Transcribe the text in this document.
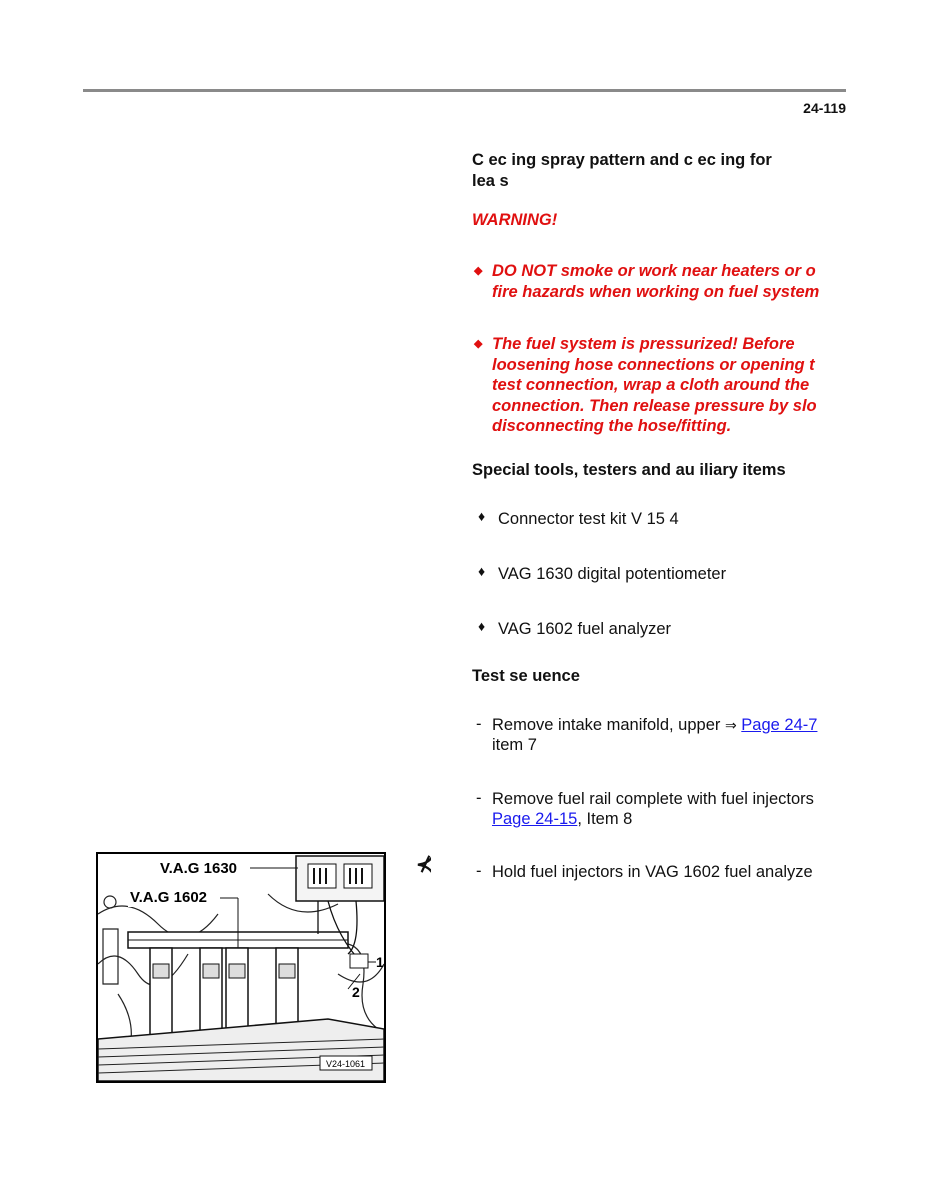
24-119
C ec ing spray pattern and c ec ing for
lea s
WARNING!
◆ DO NOT smoke or work near heaters or o
fire hazards when working on fuel system
◆ The fuel system is pressurized! Before
loosening hose connections or opening t
test connection, wrap a cloth around the
connection. Then release pressure by slo
disconnecting the hose/fitting.
Special tools, testers and au iliary items
♦ Connector test kit V 15 4
♦ VAG 1630 digital potentiometer
♦ VAG 1602 fuel analyzer
Test se uence
- Remove intake manifold, upper ⇒ Page 24-7
item 7
- Remove fuel rail complete with fuel injectors
Page 24-15, Item 8
⊀	- Hold fuel injectors in VAG 1602 fuel analyze
V.A.G 1630
V.A.G 1602
1
2
V24-1061
